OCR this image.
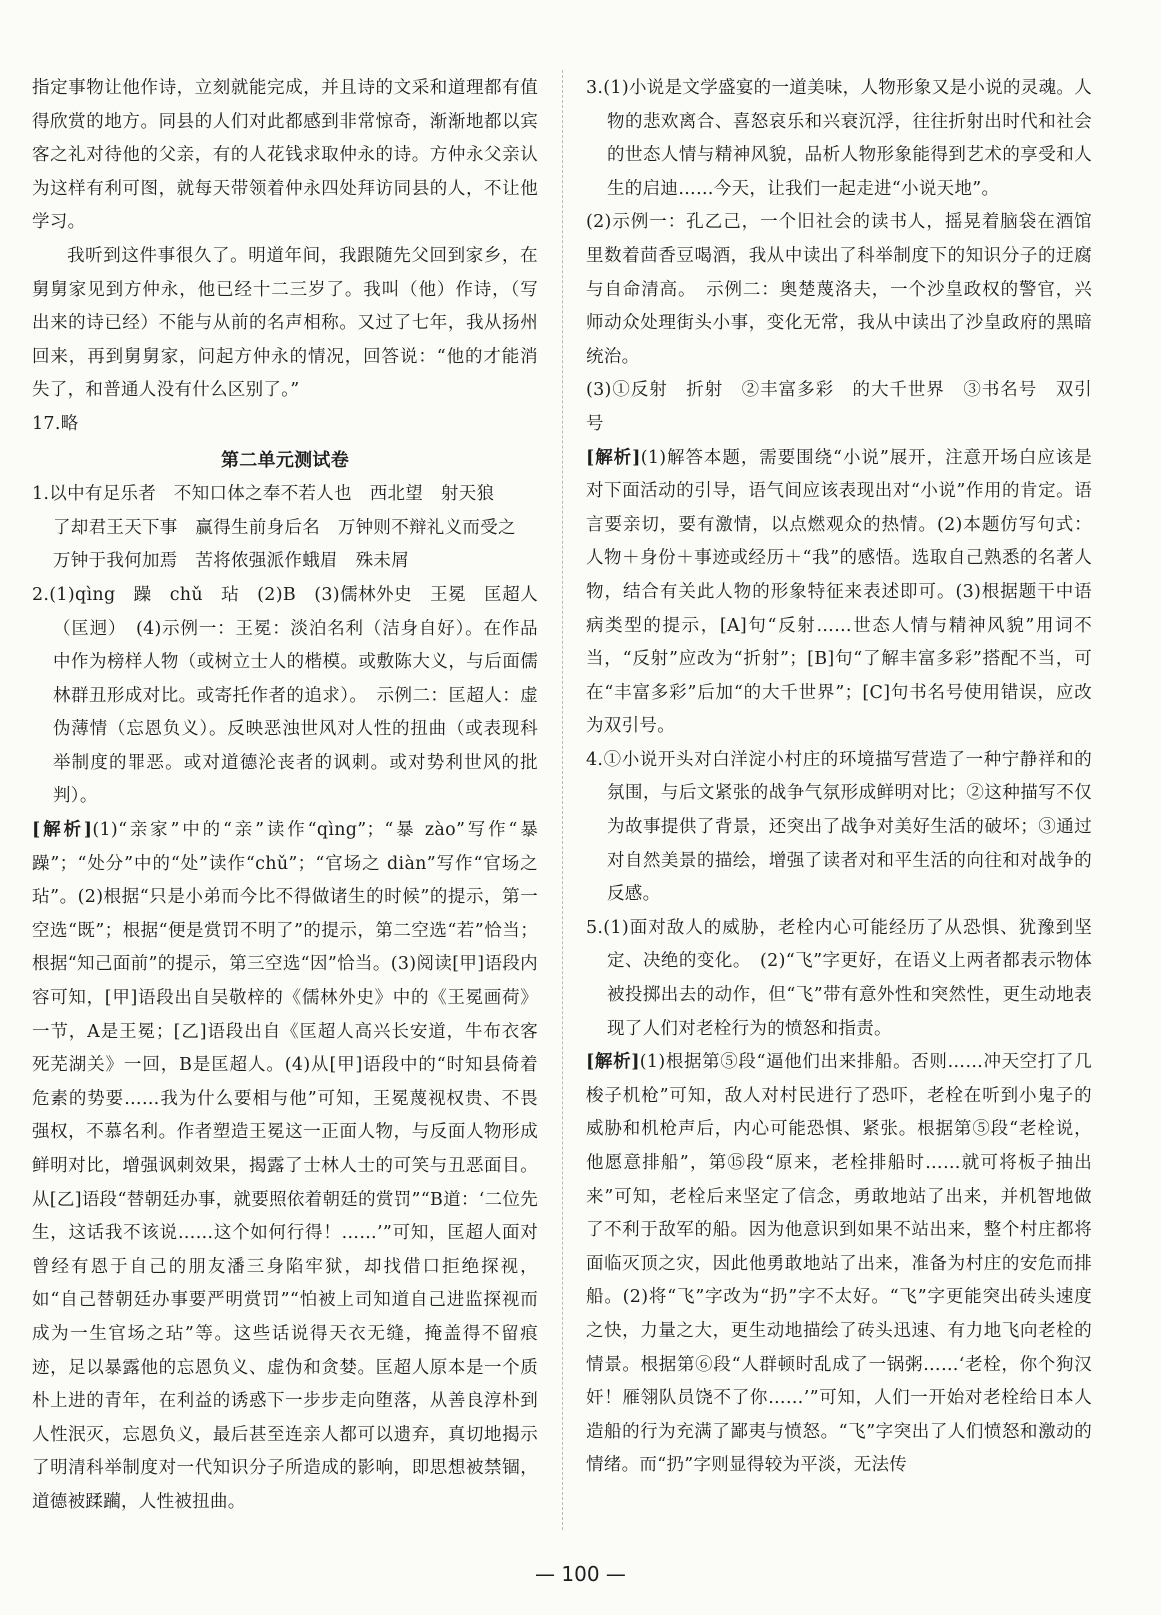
指定事物让他作诗，立刻就能完成，并且诗的文采和道理都有值得欣赏的地方。同县的人们对此都感到非常惊奇，渐渐地都以宾客之礼对待他的父亲，有的人花钱求取仲永的诗。方仲永父亲认为这样有利可图，就每天带领着仲永四处拜访同县的人，不让他学习。

我听到这件事很久了。明道年间，我跟随先父回到家乡，在舅舅家见到方仲永，他已经十二三岁了。我叫（他）作诗，（写出来的诗已经）不能与从前的名声相称。又过了七年，我从扬州回来，再到舅舅家，问起方仲永的情况，回答说：“他的才能消失了，和普通人没有什么区别了。”

17.略

第二单元测试卷

1.以中有足乐者　不知口体之奉不若人也　西北望　射天狼

了却君王天下事　赢得生前身后名　万钟则不辩礼义而受之

万钟于我何加焉　苦将侬强派作蛾眉　殊未屑

2.(1)qìng　躁　chǔ　玷　(2)B　(3)儒林外史　王冕　匡超人（匡迥）　(4)示例一：王冕：淡泊名利（洁身自好）。在作品中作为榜样人物（或树立士人的楷模。或敷陈大义，与后面儒林群丑形成对比。或寄托作者的追求）。　示例二：匡超人：虚伪薄情（忘恩负义）。反映恶浊世风对人性的扭曲（或表现科举制度的罪恶。或对道德沦丧者的讽刺。或对势利世风的批判）。

[解析](1)“亲家”中的“亲”读作“qìng”；“暴 zào”写作“暴躁”；“处分”中的“处”读作“chǔ”；“官场之 diàn”写作“官场之玷”。(2)根据“只是小弟而今比不得做诸生的时候”的提示，第一空选“既”；根据“便是赏罚不明了”的提示，第二空选“若”恰当；根据“知己面前”的提示，第三空选“因”恰当。(3)阅读[甲]语段内容可知，[甲]语段出自吴敬梓的《儒林外史》中的《王冕画荷》一节，A是王冕；[乙]语段出自《匡超人高兴长安道，牛布衣客死芜湖关》一回，B是匡超人。(4)从[甲]语段中的“时知县倚着危素的势要……我为什么要相与他”可知，王冕蔑视权贵、不畏强权，不慕名利。作者塑造王冕这一正面人物，与反面人物形成鲜明对比，增强讽刺效果，揭露了士林人士的可笑与丑恶面目。从[乙]语段“替朝廷办事，就要照依着朝廷的赏罚”“B道：‘二位先生，这话我不该说……这个如何行得！……’”可知，匡超人面对曾经有恩于自己的朋友潘三身陷牢狱，却找借口拒绝探视，如“自己替朝廷办事要严明赏罚”“怕被上司知道自己进监探视而成为一生官场之玷”等。这些话说得天衣无缝，掩盖得不留痕迹，足以暴露他的忘恩负义、虚伪和贪婪。匡超人原本是一个质朴上进的青年，在利益的诱惑下一步步走向堕落，从善良淳朴到人性泯灭，忘恩负义，最后甚至连亲人都可以遗弃，真切地揭示了明清科举制度对一代知识分子所造成的影响，即思想被禁锢，道德被蹂躏，人性被扭曲。

3.(1)小说是文学盛宴的一道美味，人物形象又是小说的灵魂。人物的悲欢离合、喜怒哀乐和兴衰沉浮，往往折射出时代和社会的世态人情与精神风貌，品析人物形象能得到艺术的享受和人生的启迪……今天，让我们一起走进“小说天地”。

(2)示例一：孔乙己，一个旧社会的读书人，摇晃着脑袋在酒馆里数着茴香豆喝酒，我从中读出了科举制度下的知识分子的迂腐与自命清高。　示例二：奥楚蔑洛夫，一个沙皇政权的警官，兴师动众处理街头小事，变化无常，我从中读出了沙皇政府的黑暗统治。

(3)①反射　折射　②丰富多彩　的大千世界　③书名号　双引号

[解析](1)解答本题，需要围绕“小说”展开，注意开场白应该是对下面活动的引导，语气间应该表现出对“小说”作用的肯定。语言要亲切，要有激情，以点燃观众的热情。(2)本题仿写句式：人物＋身份＋事迹或经历＋“我”的感悟。选取自己熟悉的名著人物，结合有关此人物的形象特征来表述即可。(3)根据题干中语病类型的提示，[A]句“反射……世态人情与精神风貌”用词不当，“反射”应改为“折射”；[B]句“了解丰富多彩”搭配不当，可在“丰富多彩”后加“的大千世界”；[C]句书名号使用错误，应改为双引号。

4.①小说开头对白洋淀小村庄的环境描写营造了一种宁静祥和的氛围，与后文紧张的战争气氛形成鲜明对比；②这种描写不仅为故事提供了背景，还突出了战争对美好生活的破坏；③通过对自然美景的描绘，增强了读者对和平生活的向往和对战争的反感。

5.(1)面对敌人的威胁，老栓内心可能经历了从恐惧、犹豫到坚定、决绝的变化。　(2)“飞”字更好，在语义上两者都表示物体被投掷出去的动作，但“飞”带有意外性和突然性，更生动地表现了人们对老栓行为的愤怒和指责。

[解析](1)根据第⑤段“逼他们出来排船。否则……冲天空打了几梭子机枪”可知，敌人对村民进行了恐吓，老栓在听到小鬼子的威胁和机枪声后，内心可能恐惧、紧张。根据第⑤段“老栓说，他愿意排船”，第⑮段“原来，老栓排船时……就可将板子抽出来”可知，老栓后来坚定了信念，勇敢地站了出来，并机智地做了不利于敌军的船。因为他意识到如果不站出来，整个村庄都将面临灭顶之灾，因此他勇敢地站了出来，准备为村庄的安危而排船。(2)将“飞”字改为“扔”字不太好。“飞”字更能突出砖头速度之快，力量之大，更生动地描绘了砖头迅速、有力地飞向老栓的情景。根据第⑥段“人群顿时乱成了一锅粥……‘老栓，你个狗汉奸！雁翎队员饶不了你……’”可知，人们一开始对老栓给日本人造船的行为充满了鄙夷与愤怒。“飞”字突出了人们愤怒和激动的情绪。而“扔”字则显得较为平淡，无法传

— 100 —
